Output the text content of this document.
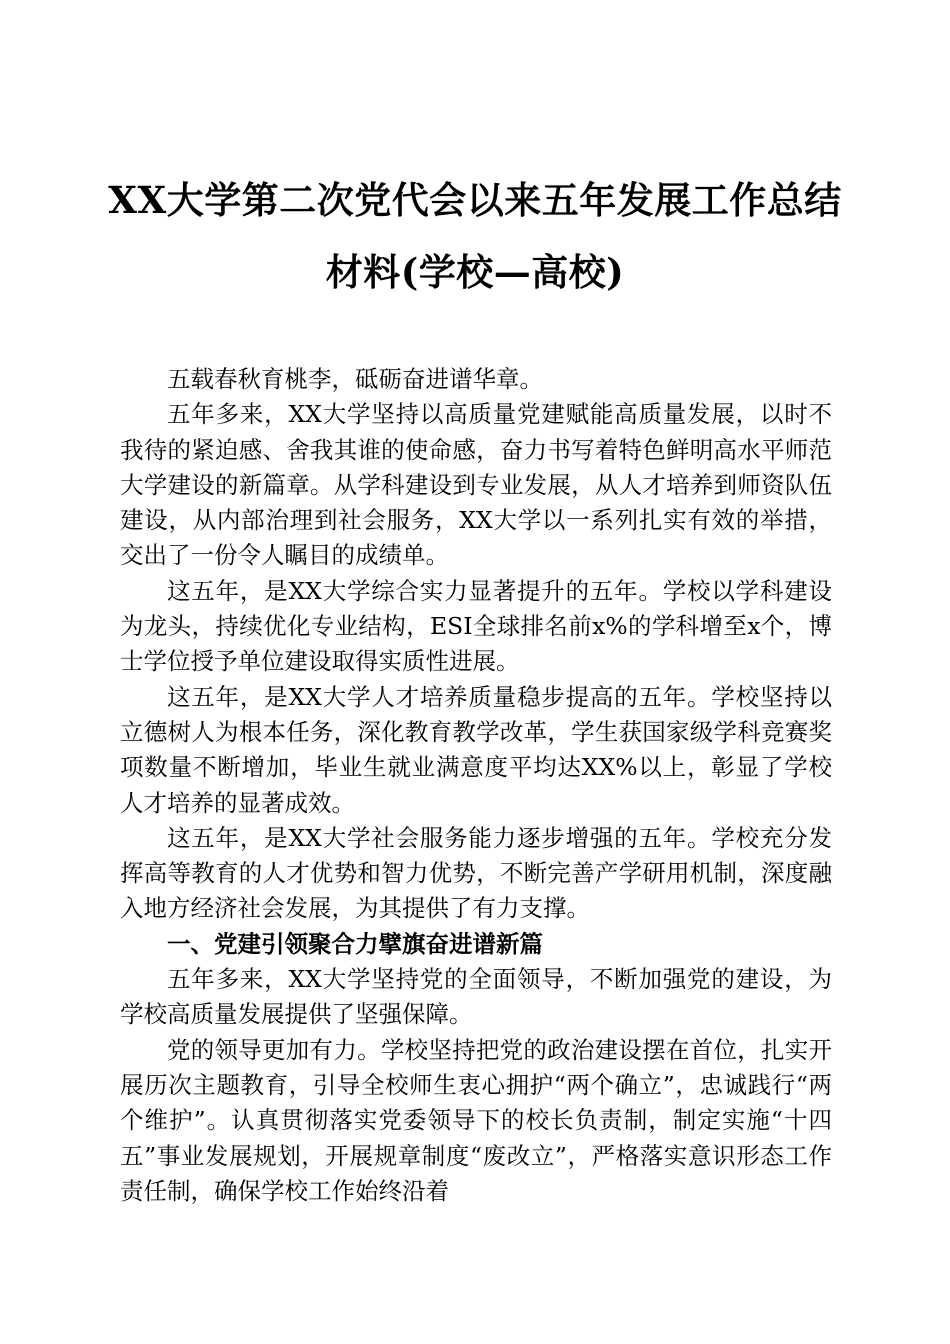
XX大学第二次党代会以来五年发展工作总结
材料(学校—高校)

五载春秋育桃李，砥砺奋进谱华章。

五年多来，XX大学坚持以高质量党建赋能高质量发展，以时不我待的紧迫感、舍我其谁的使命感，奋力书写着特色鲜明高水平师范大学建设的新篇章。从学科建设到专业发展，从人才培养到师资队伍建设，从内部治理到社会服务，XX大学以一系列扎实有效的举措，交出了一份令人瞩目的成绩单。

这五年，是XX大学综合实力显著提升的五年。学校以学科建设为龙头，持续优化专业结构，ESI全球排名前x%的学科增至x个，博士学位授予单位建设取得实质性进展。

这五年，是XX大学人才培养质量稳步提高的五年。学校坚持以立德树人为根本任务，深化教育教学改革，学生获国家级学科竞赛奖项数量不断增加，毕业生就业满意度平均达XX%以上，彰显了学校人才培养的显著成效。

这五年，是XX大学社会服务能力逐步增强的五年。学校充分发挥高等教育的人才优势和智力优势，不断完善产学研用机制，深度融入地方经济社会发展，为其提供了有力支撑。

一、党建引领聚合力擘旗奋进谱新篇

五年多来，XX大学坚持党的全面领导，不断加强党的建设，为学校高质量发展提供了坚强保障。

党的领导更加有力。学校坚持把党的政治建设摆在首位，扎实开展历次主题教育，引导全校师生衷心拥护“两个确立”，忠诚践行“两个维护”。认真贯彻落实党委领导下的校长负责制，制定实施“十四五”事业发展规划，开展规章制度“废改立”，严格落实意识形态工作责任制，确保学校工作始终沿着
